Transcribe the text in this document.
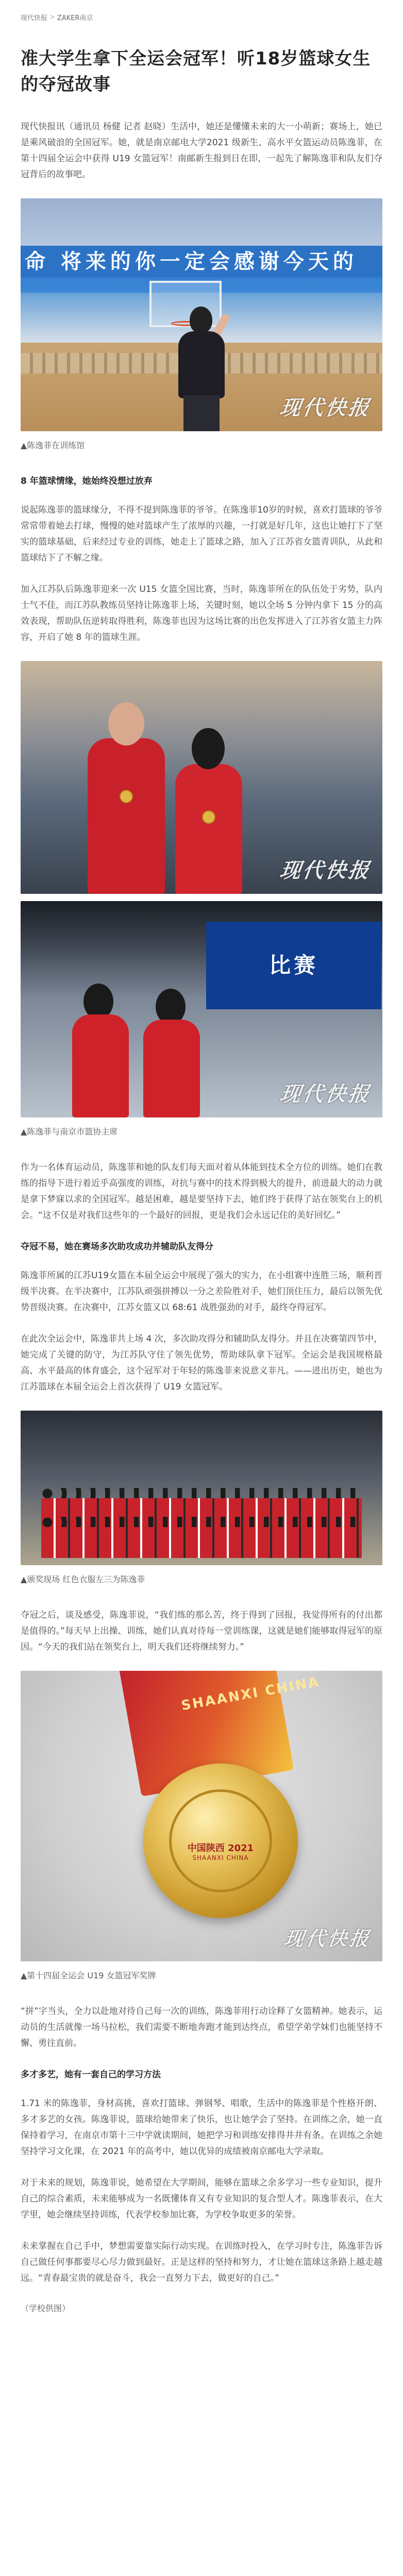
现代快报 > ZAKER南京
准大学生拿下全运会冠军！听18岁篮球女生的夺冠故事

现代快报讯（通讯员 杨健 记者 赵晓）生活中，她还是懂懂未来的大一小萌新；赛场上，她已是乘风破浪的全国冠军。她，就是南京邮电大学2021 级新生、高水平女篮运动员陈逸菲，在第十四届全运会中获得 U19 女篮冠军！南邮新生报到日在即，一起先了解陈逸菲和队友们夺冠背后的故事吧。

命 将来的你一定会感谢今天的
现代快报
▲陈逸菲在训练馆
8 年篮球情缘，她始终没想过放弃

说起陈逸菲的篮球缘分，不得不提到陈逸菲的爷爷。在陈逸菲10岁的时候，喜欢打篮球的爷爷常常带着她去打球，慢慢的她对篮球产生了浓厚的兴趣，一打就是好几年，这也让她打下了坚实的篮球基础，后来经过专业的训练，她走上了篮球之路，加入了江苏省女篮青训队，从此和篮球结下了不解之缘。

加入江苏队后陈逸菲迎来一次 U15 女篮全国比赛，当时，陈逸菲所在的队伍处于劣势，队内士气不佳，而江苏队教练员坚持让陈逸菲上场，关键时刻，她以全场 5 分钟内拿下 15 分的高效表现，帮助队伍逆转取得胜利，陈逸菲也因为这场比赛的出色发挥进入了江苏省女篮主力阵容，开启了她 8 年的篮球生涯。

现代快报
比赛
现代快报
▲陈逸菲与南京市篮协主席

作为一名体育运动员，陈逸菲和她的队友们每天面对着从体能到技术全方位的训练。她们在教练的指导下进行着近乎高强度的训练，对抗与赛中的技术得到极大的提升，前进最大的动力就是拿下梦寐以求的全国冠军。越是困难，越是要坚持下去，她们终于获得了站在领奖台上的机会。“这不仅是对我们这些年的一个最好的回报，更是我们会永远记住的美好回忆。”

夺冠不易，她在赛场多次助攻成功并辅助队友得分

陈逸菲所属的江苏U19女篮在本届全运会中展现了强大的实力，在小组赛中连胜三场，顺利晋级半决赛。在半决赛中，江苏队顽强拼搏以一分之差险胜对手，她们顶住压力，最后以领先优势晋级决赛。在决赛中，江苏女篮又以 68:61 战胜强劲的对手，最终夺得冠军。

在此次全运会中，陈逸菲共上场 4 次，多次助攻得分和辅助队友得分。并且在决赛第四节中，她完成了关键的防守，为江苏队守住了领先优势，帮助球队拿下冠军。全运会是我国规格最高、水平最高的体育盛会，这个冠军对于年轻的陈逸菲来说意义非凡。——进出历史，她也为江苏篮球在本届全运会上首次获得了 U19 女篮冠军。

▲颁奖现场 红色衣服左三为陈逸菲

夺冠之后，谈及感受，陈逸菲说，“我们练的那么苦，终于得到了回报，我觉得所有的付出都是值得的。”每天早上出操、训练，她们认真对待每一堂训练课，这就是她们能够取得冠军的原因。“今天的我们站在领奖台上，明天我们还将继续努力。”

SHAANXI CHINA
中国陕西 2021
SHAANXI CHINA
现代快报
▲第十四届全运会 U19 女篮冠军奖牌

“拼”字当头，全力以赴地对待自己每一次的训练，陈逸菲用行动诠释了女篮精神。她表示，运动员的生活就像一场马拉松，我们需要不断地奔跑才能到达终点，希望学弟学妹们也能坚持不懈、勇往直前。

多才多艺，她有一套自己的学习方法

1.71 米的陈逸菲，身材高挑，喜欢打篮球、弹钢琴、唱歌，生活中的陈逸菲是个性格开朗、多才多艺的女孩。陈逸菲说，篮球给她带来了快乐，也让她学会了坚持。在训练之余，她一直保持着学习，在南京市第十三中学就读期间，她把学习和训练安排得井井有条。在训练之余她坚持学习文化课，在 2021 年的高考中，她以优异的成绩被南京邮电大学录取。

对于未来的规划，陈逸菲说，她希望在大学期间，能够在篮球之余多学习一些专业知识，提升自己的综合素质，未来能够成为一名既懂体育又有专业知识的复合型人才。陈逸菲表示，在大学里，她会继续坚持训练，代表学校参加比赛，为学校争取更多的荣誉。

未来掌握在自己手中，梦想需要靠实际行动实现。在训练时投入，在学习时专注，陈逸菲告诉自己做任何事都要尽心尽力做到最好。正是这样的坚持和努力，才让她在篮球这条路上越走越远。“青春最宝贵的就是奋斗，我会一直努力下去，做更好的自己。”

（学校供图）
